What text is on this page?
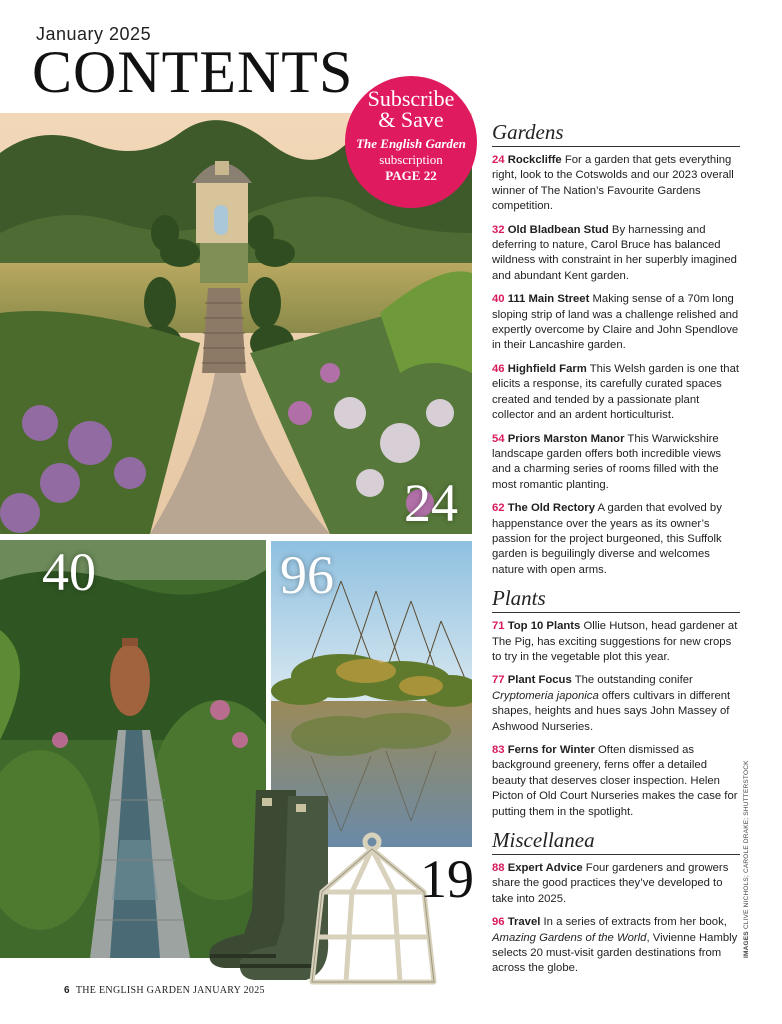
January 2025
CONTENTS
24
Subscribe
& Save
The English Garden
subscription
PAGE 22
40	96
19
Gardens

24 Rockcliffe For a garden that gets everything right, look to the Cotswolds and our 2023 overall winner of The Nation’s Favourite Gardens competition.

32 Old Bladbean Stud By harnessing and deferring to nature, Carol Bruce has balanced wildness with constraint in her superbly imagined and abundant Kent garden.

40 111 Main Street Making sense of a 70m long sloping strip of land was a challenge relished and expertly overcome by Claire and John Spendlove in their Lancashire garden.

46 Highfield Farm This Welsh garden is one that elicits a response, its carefully curated spaces created and tended by a passionate plant collector and an ardent horticulturist.

54 Priors Marston Manor This Warwickshire landscape garden offers both incredible views and a charming series of rooms filled with the most romantic planting.

62 The Old Rectory A garden that evolved by happenstance over the years as its owner’s passion for the project burgeoned, this Suffolk garden is beguilingly diverse and welcomes nature with open arms.

Plants

71 Top 10 Plants Ollie Hutson, head gardener at The Pig, has exciting suggestions for new crops to try in the vegetable plot this year.

77 Plant Focus The outstanding conifer Cryptomeria japonica offers cultivars in different shapes, heights and hues says John Massey of Ashwood Nurseries.

83 Ferns for Winter Often dismissed as background greenery, ferns offer a detailed beauty that deserves closer inspection. Helen Picton of Old Court Nurseries makes the case for putting them in the spotlight.

Miscellanea

88 Expert Advice Four gardeners and growers share the good practices they’ve developed to take into 2025.

96 Travel In a series of extracts from her book, Amazing Gardens of the World, Vivienne Hambly selects 20 must-visit garden destinations from across the globe.

IMAGES CLIVE NICHOLS; CAROLE DRAKE; SHUTTERSTOCK
6 THE ENGLISH GARDEN JANUARY 2025
